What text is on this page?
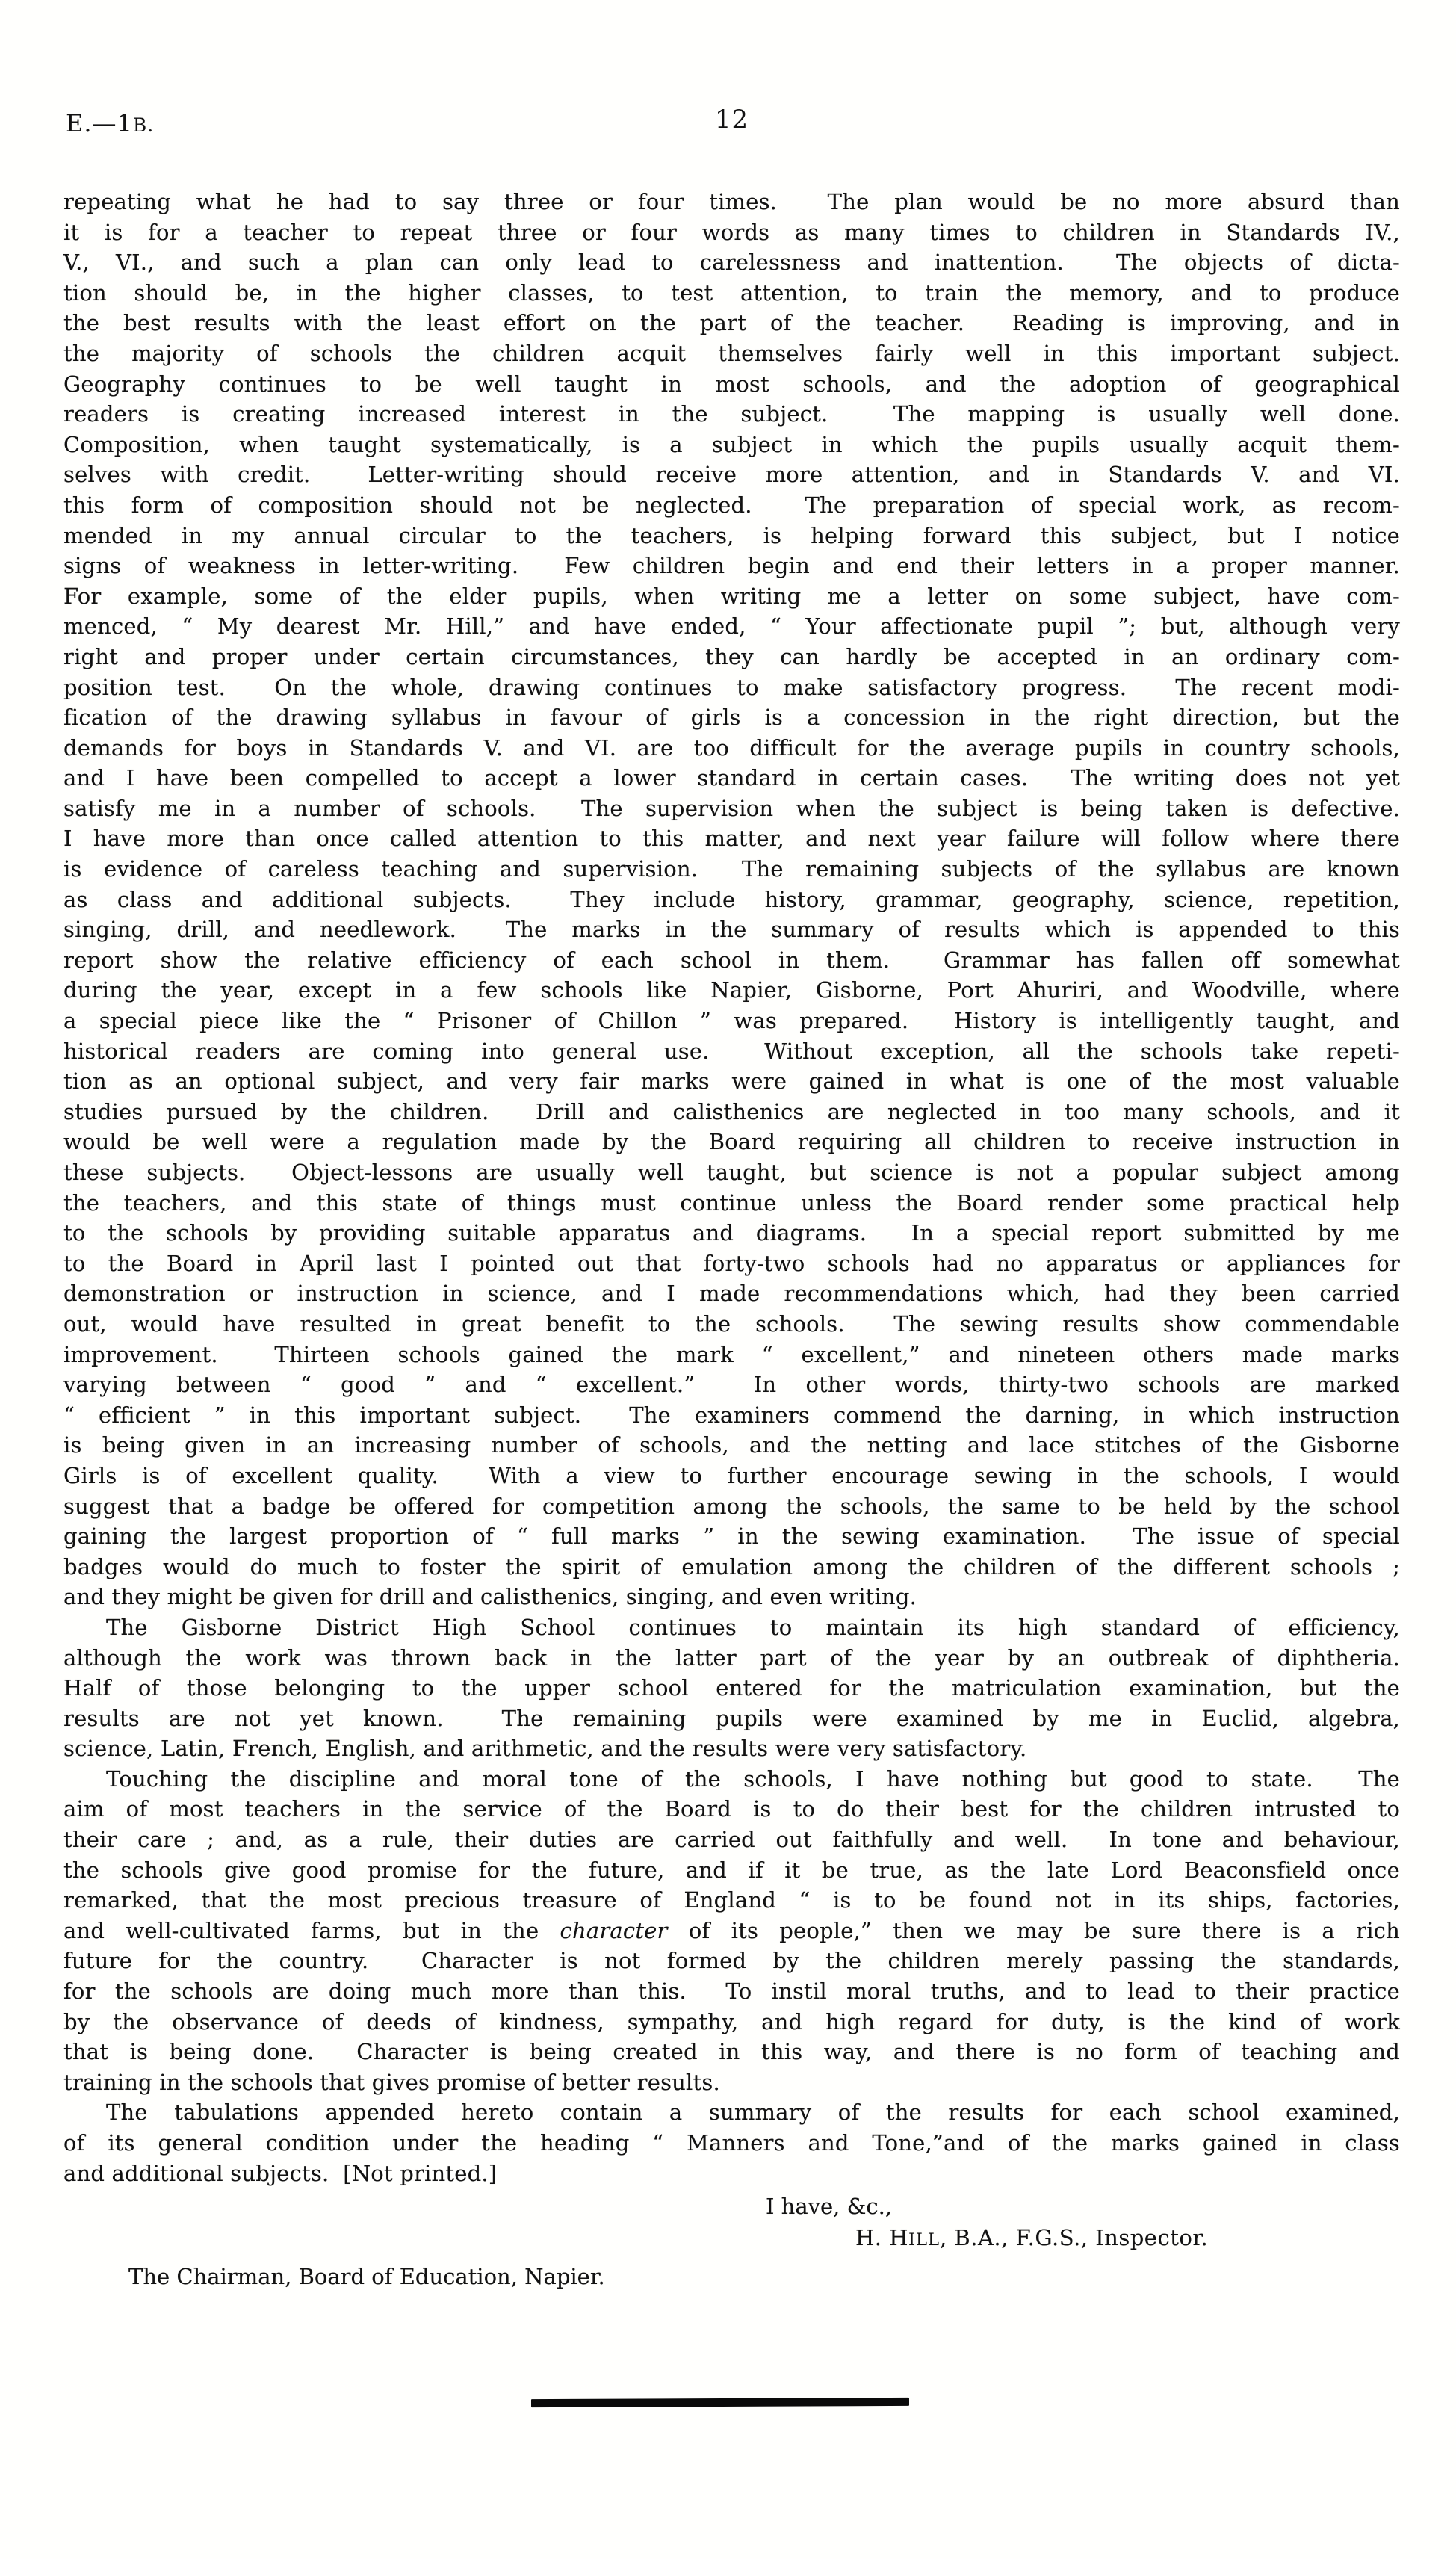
E.—1B.	12
repeating what he had to say three or four times.  The plan would be no more absurd than
it is for a teacher to repeat three or four words as many times to children in Standards IV.,
V., VI., and such a plan can only lead to carelessness and inattention.  The objects of dicta-
tion should be, in the higher classes, to test attention, to train the memory, and to produce
the best results with the least effort on the part of the teacher.  Reading is improving, and in
the majority of schools the children acquit themselves fairly well in this important subject.
Geography continues to be well taught in most schools, and the adoption of geographical
readers is creating increased interest in the subject.  The mapping is usually well done.
Composition, when taught systematically, is a subject in which the pupils usually acquit them-
selves with credit.  Letter-writing should receive more attention, and in Standards V. and VI.
this form of composition should not be neglected.  The preparation of special work, as recom-
mended in my annual circular to the teachers, is helping forward this subject, but I notice
signs of weakness in letter-writing.  Few children begin and end their letters in a proper manner.
For example, some of the elder pupils, when writing me a letter on some subject, have com-
menced, “ My dearest Mr. Hill,” and have ended, “ Your affectionate pupil ”; but, although very
right and proper under certain circumstances, they can hardly be accepted in an ordinary com-
position test.  On the whole, drawing continues to make satisfactory progress.  The recent modi-
fication of the drawing syllabus in favour of girls is a concession in the right direction, but the
demands for boys in Standards V. and VI. are too difficult for the average pupils in country schools,
and I have been compelled to accept a lower standard in certain cases.  The writing does not yet
satisfy me in a number of schools.  The supervision when the subject is being taken is defective.
I have more than once called attention to this matter, and next year failure will follow where there
is evidence of careless teaching and supervision.  The remaining subjects of the syllabus are known
as class and additional subjects.  They include history, grammar, geography, science, repetition,
singing, drill, and needlework.  The marks in the summary of results which is appended to this
report show the relative efficiency of each school in them.  Grammar has fallen off somewhat
during the year, except in a few schools like Napier, Gisborne, Port Ahuriri, and Woodville, where
a special piece like the “ Prisoner of Chillon ” was prepared.  History is intelligently taught, and
historical readers are coming into general use.  Without exception, all the schools take repeti-
tion as an optional subject, and very fair marks were gained in what is one of the most valuable
studies pursued by the children.  Drill and calisthenics are neglected in too many schools, and it
would be well were a regulation made by the Board requiring all children to receive instruction in
these subjects.  Object-lessons are usually well taught, but science is not a popular subject among
the teachers, and this state of things must continue unless the Board render some practical help
to the schools by providing suitable apparatus and diagrams.  In a special report submitted by me
to the Board in April last I pointed out that forty-two schools had no apparatus or appliances for
demonstration or instruction in science, and I made recommendations which, had they been carried
out, would have resulted in great benefit to the schools.  The sewing results show commendable
improvement.  Thirteen schools gained the mark “ excellent,” and nineteen others made marks
varying between “ good ” and “ excellent.”  In other words, thirty-two schools are marked
“ efficient ” in this important subject.  The examiners commend the darning, in which instruction
is being given in an increasing number of schools, and the netting and lace stitches of the Gisborne
Girls is of excellent quality.  With a view to further encourage sewing in the schools, I would
suggest that a badge be offered for competition among the schools, the same to be held by the school
gaining the largest proportion of “ full marks ” in the sewing examination.  The issue of special
badges would do much to foster the spirit of emulation among the children of the different schools ;
and they might be given for drill and calisthenics, singing, and even writing.
The Gisborne District High School continues to maintain its high standard of efficiency,
although the work was thrown back in the latter part of the year by an outbreak of diphtheria.
Half of those belonging to the upper school entered for the matriculation examination, but the
results are not yet known.  The remaining pupils were examined by me in Euclid, algebra,
science, Latin, French, English, and arithmetic, and the results were very satisfactory.
Touching the discipline and moral tone of the schools, I have nothing but good to state.  The
aim of most teachers in the service of the Board is to do their best for the children intrusted to
their care ; and, as a rule, their duties are carried out faithfully and well.  In tone and behaviour,
the schools give good promise for the future, and if it be true, as the late Lord Beaconsfield once
remarked, that the most precious treasure of England “ is to be found not in its ships, factories,
and well-cultivated farms, but in the character of its people,” then we may be sure there is a rich
future for the country.  Character is not formed by the children merely passing the standards,
for the schools are doing much more than this.  To instil moral truths, and to lead to their practice
by the observance of deeds of kindness, sympathy, and high regard for duty, is the kind of work
that is being done.  Character is being created in this way, and there is no form of teaching and
training in the schools that gives promise of better results.
The tabulations appended hereto contain a summary of the results for each school examined,
of its general condition under the heading “ Manners and Tone,”and of the marks gained in class
and additional subjects.  [Not printed.]
I have, &c.,
H. HILL, B.A., F.G.S., Inspector.
The Chairman, Board of Education, Napier.
